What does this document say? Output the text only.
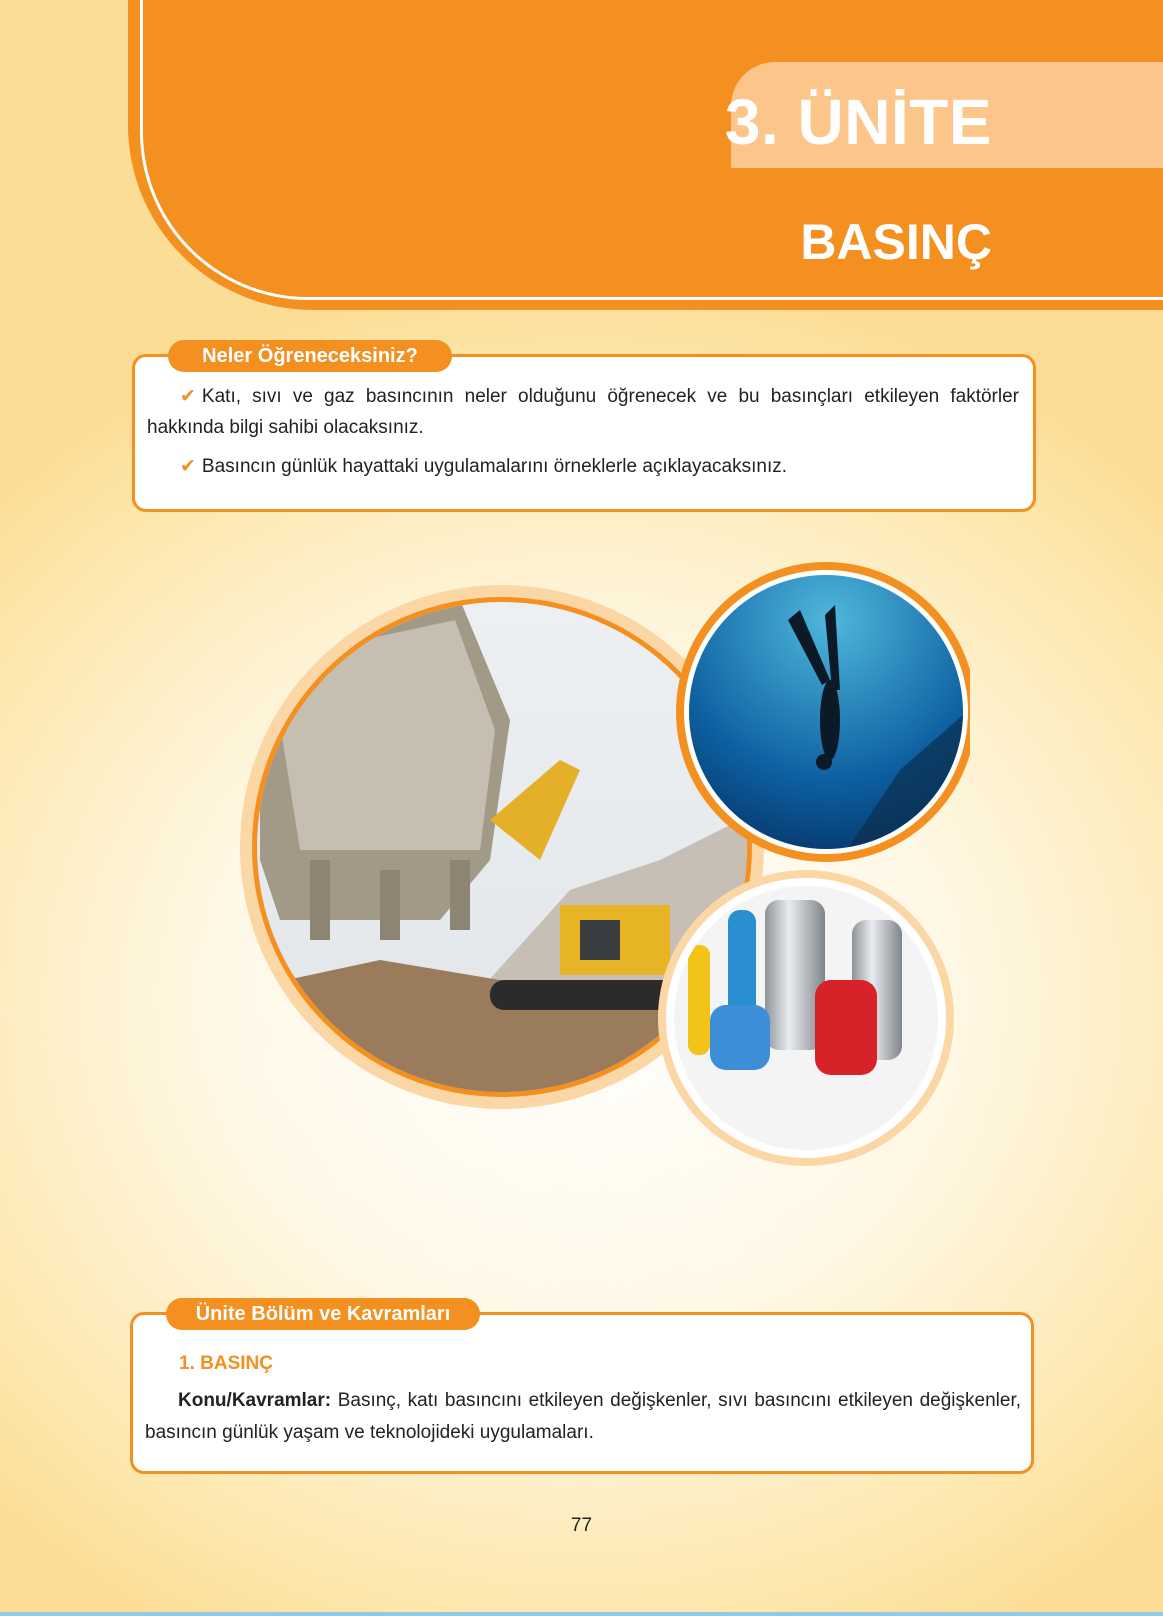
3. ÜNİTE
BASINÇ
✔ Katı, sıvı ve gaz basıncının neler olduğunu öğrenecek ve bu basınçları etkileyen faktörler hakkında bilgi sahibi olacaksınız.
✔ Basıncın günlük hayattaki uygulamalarını örneklerle açıklayacaksınız.
Neler Öğreneceksiniz?
1. BASINÇ
Konu/Kavramlar: Basınç, katı basıncını etkileyen değişkenler, sıvı basıncını etkileyen değişkenler, basıncın günlük yaşam ve teknolojideki uygulamaları.
Ünite Bölüm ve Kavramları
77
